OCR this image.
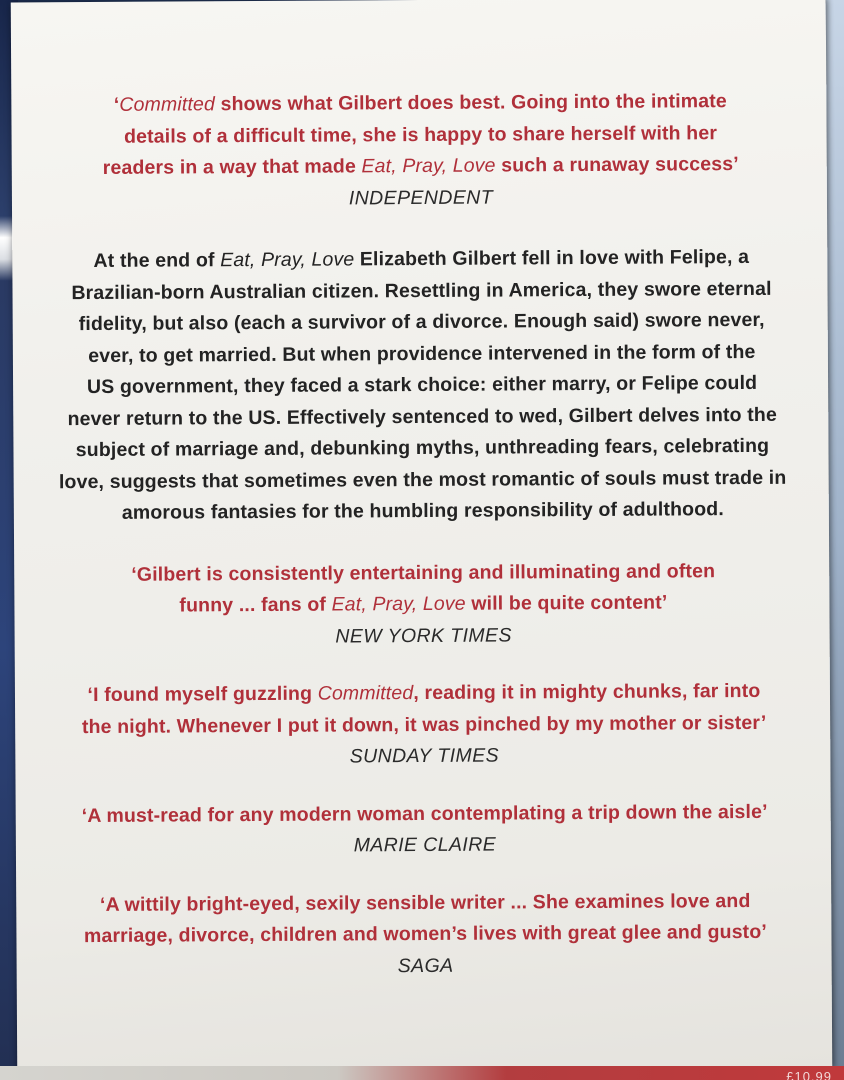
‘Committed shows what Gilbert does best. Going into the intimate
details of a difficult time, she is happy to share herself with her
readers in a way that made Eat, Pray, Love such a runaway success’

INDEPENDENT

At the end of Eat, Pray, Love Elizabeth Gilbert fell in love with Felipe, a
Brazilian-born Australian citizen. Resettling in America, they swore eternal
fidelity, but also (each a survivor of a divorce. Enough said) swore never,
ever, to get married. But when providence intervened in the form of the
US government, they faced a stark choice: either marry, or Felipe could
never return to the US. Effectively sentenced to wed, Gilbert delves into the
subject of marriage and, debunking myths, unthreading fears, celebrating
love, suggests that sometimes even the most romantic of souls must trade in
amorous fantasies for the humbling responsibility of adulthood.

‘Gilbert is consistently entertaining and illuminating and often
funny ... fans of Eat, Pray, Love will be quite content’

NEW YORK TIMES

‘I found myself guzzling Committed, reading it in mighty chunks, far into
the night. Whenever I put it down, it was pinched by my mother or sister’

SUNDAY TIMES

‘A must-read for any modern woman contemplating a trip down the aisle’

MARIE CLAIRE

‘A wittily bright-eyed, sexily sensible writer ... She examines love and
marriage, divorce, children and women’s lives with great glee and gusto’

SAGA

£10.99
